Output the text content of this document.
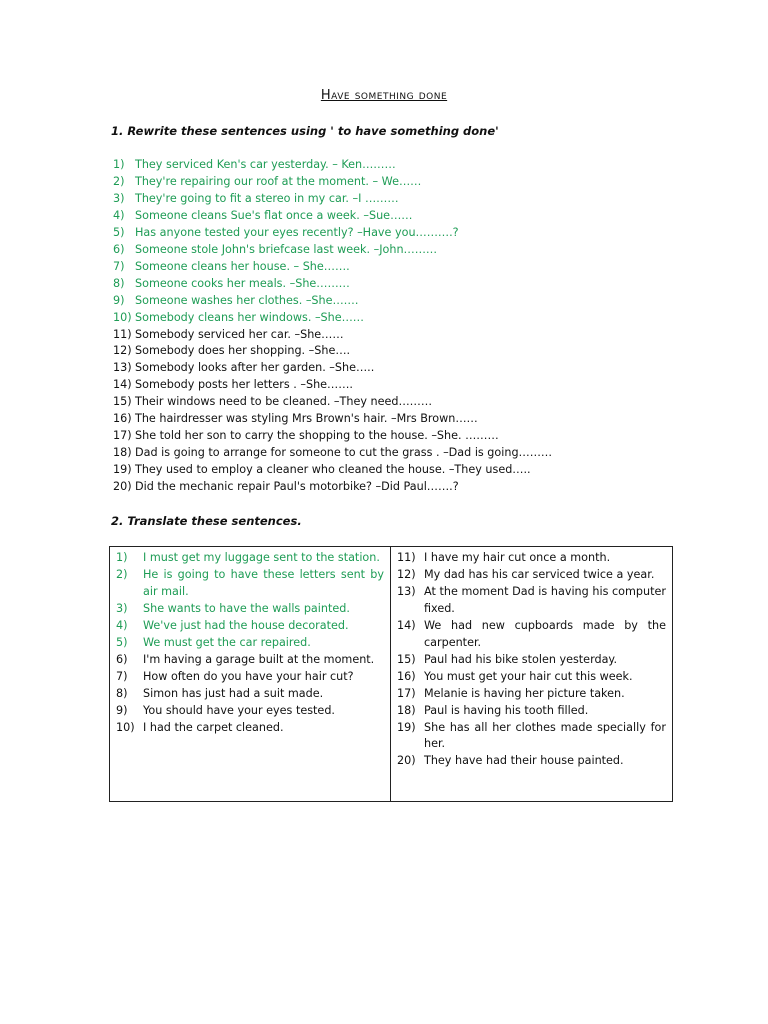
Have something done
1. Rewrite these sentences using ' to have something done'
1) They serviced Ken's car yesterday. – Ken………
2) They're repairing our roof at the moment. – We……
3) They're going to fit a stereo in my car. –I ………
4) Someone cleans Sue's flat once a week. –Sue……
5) Has anyone tested your eyes recently? –Have you……….?
6) Someone stole John's briefcase last week. –John………
7) Someone cleans her house. – She…….
8) Someone cooks her meals. –She………
9) Someone washes her clothes. –She…….
10) Somebody cleans her windows. –She……
11) Somebody serviced her car. –She……
12) Somebody does her shopping. –She….
13) Somebody looks after her garden. –She…..
14) Somebody posts her letters . –She…….
15) Their windows need to be cleaned. –They need………
16) The hairdresser was styling Mrs Brown's hair. –Mrs Brown……
17) She told her son to carry the shopping to the house. –She. ………
18) Dad is going to arrange for someone to cut the grass . –Dad is going………
19) They used to employ a cleaner who cleaned the house. –They used…..
20) Did the mechanic repair Paul's motorbike? –Did Paul…….?
2. Translate these sentences.
1)	I must get my luggage sent to the station.
2)	He is going to have these letters sent by air mail.
3)	She wants to have the walls painted.
4)	We've just had the house decorated.
5)	We must get the car repaired.
6)	I'm having a garage built at the moment.
7)	How often do you have your hair cut?
8)	Simon has just had a suit made.
9)	You should have your eyes tested.
10) I had the carpet cleaned.
11) I have my hair cut once a month.
12) My dad has his car serviced twice a year.
13) At the moment Dad is having his computer fixed.
14) We had new cupboards made by the carpenter.
15) Paul had his bike stolen yesterday.
16) You must get your hair cut this week.
17) Melanie is having her picture taken.
18) Paul is having his tooth filled.
19) She has all her clothes made specially for her.
20) They have had their house painted.
